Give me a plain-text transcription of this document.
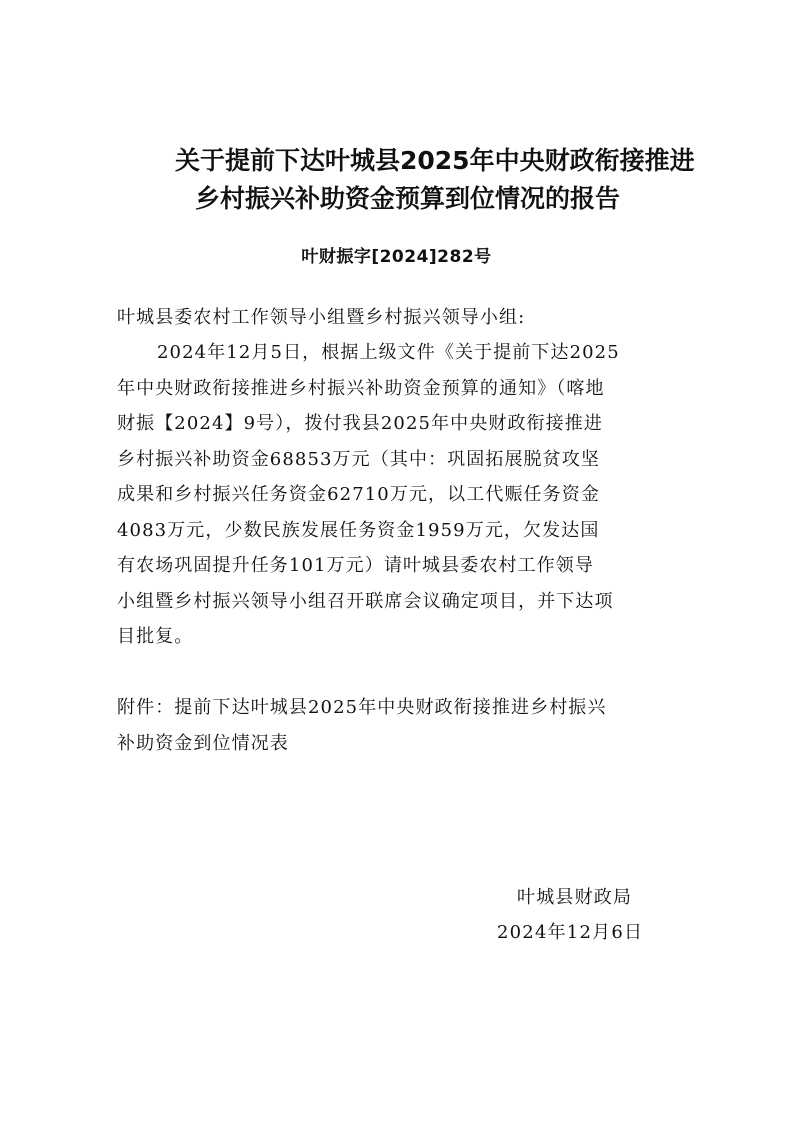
关于提前下达叶城县2025年中央财政衔接推进
乡村振兴补助资金预算到位情况的报告
叶财振字[2024]282号
叶城县委农村工作领导小组暨乡村振兴领导小组:
2024年12月5日，根据上级文件《关于提前下达2025
年中央财政衔接推进乡村振兴补助资金预算的通知》（喀地
财振【2024】9号），拨付我县2025年中央财政衔接推进
乡村振兴补助资金68853万元（其中：巩固拓展脱贫攻坚
成果和乡村振兴任务资金62710万元，以工代赈任务资金
4083万元，少数民族发展任务资金1959万元，欠发达国
有农场巩固提升任务101万元）请叶城县委农村工作领导
小组暨乡村振兴领导小组召开联席会议确定项目，并下达项
目批复。
附件：提前下达叶城县2025年中央财政衔接推进乡村振兴
补助资金到位情况表
叶城县财政局
2024年12月6日
